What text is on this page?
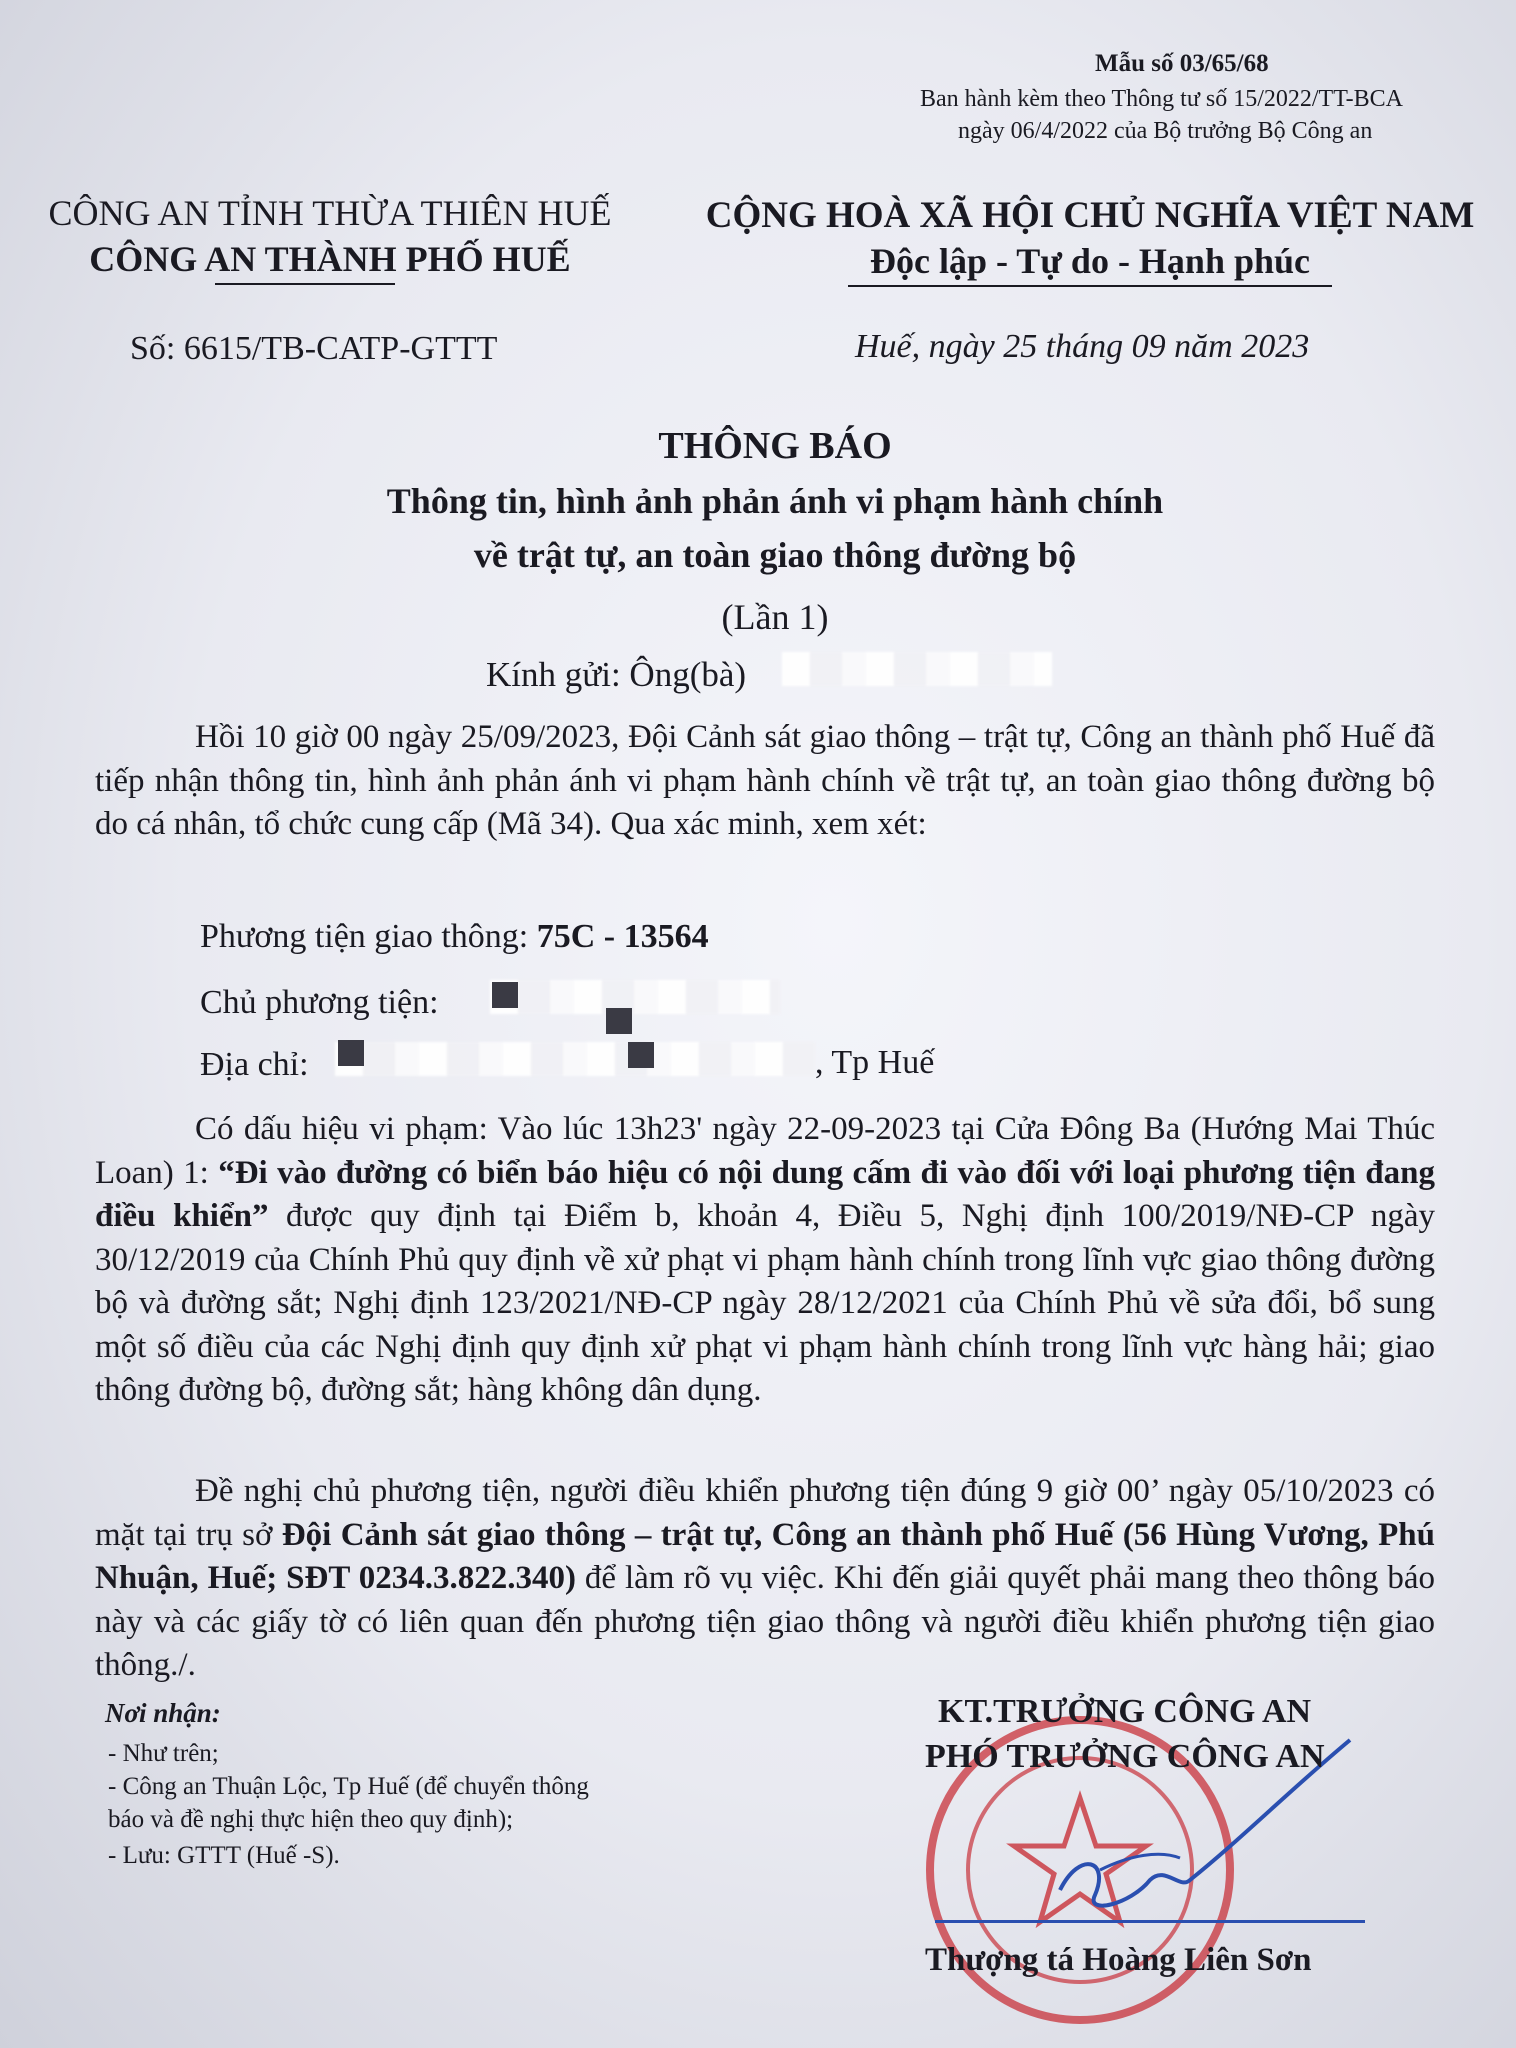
Mẫu số 03/65/68
Ban hành kèm theo Thông tư số 15/2022/TT-BCA
ngày 06/4/2022 của Bộ trưởng Bộ Công an
CÔNG AN TỈNH THỪA THIÊN HUẾ
CÔNG AN THÀNH PHỐ HUẾ
Số: 6615/TB-CATP-GTTT
CỘNG HOÀ XÃ HỘI CHỦ NGHĨA VIỆT NAM
Độc lập - Tự do - Hạnh phúc
Huế, ngày 25 tháng 09 năm 2023
THÔNG BÁO
Thông tin, hình ảnh phản ánh vi phạm hành chính
về trật tự, an toàn giao thông đường bộ
(Lần 1)
Kính gửi: Ông(bà)

Hồi 10 giờ 00 ngày 25/09/2023, Đội Cảnh sát giao thông – trật tự, Công an thành phố Huế đã tiếp nhận thông tin, hình ảnh phản ánh vi phạm hành chính về trật tự, an toàn giao thông đường bộ do cá nhân, tổ chức cung cấp (Mã 34). Qua xác minh, xem xét:

Phương tiện giao thông: 75C - 13564
Chủ phương tiện:
Địa chỉ:	, Tp Huế

Có dấu hiệu vi phạm: Vào lúc 13h23' ngày 22-09-2023 tại Cửa Đông Ba (Hướng Mai Thúc Loan) 1: “Đi vào đường có biển báo hiệu có nội dung cấm đi vào đối với loại phương tiện đang điều khiển” được quy định tại Điểm b, khoản 4, Điều 5, Nghị định 100/2019/NĐ-CP ngày 30/12/2019 của Chính Phủ quy định về xử phạt vi phạm hành chính trong lĩnh vực giao thông đường bộ và đường sắt; Nghị định 123/2021/NĐ-CP ngày 28/12/2021 của Chính Phủ về sửa đổi, bổ sung một số điều của các Nghị định quy định xử phạt vi phạm hành chính trong lĩnh vực hàng hải; giao thông đường bộ, đường sắt; hàng không dân dụng.

Đề nghị chủ phương tiện, người điều khiển phương tiện đúng 9 giờ 00’ ngày 05/10/2023 có mặt tại trụ sở Đội Cảnh sát giao thông – trật tự, Công an thành phố Huế (56 Hùng Vương, Phú Nhuận, Huế; SĐT 0234.3.822.340) để làm rõ vụ việc. Khi đến giải quyết phải mang theo thông báo này và các giấy tờ có liên quan đến phương tiện giao thông và người điều khiển phương tiện giao thông./.

Nơi nhận:
- Như trên;
- Công an Thuận Lộc, Tp Huế (để chuyển thông
báo và đề nghị thực hiện theo quy định);
- Lưu: GTTT (Huế -S).
KT.TRƯỞNG CÔNG AN
PHÓ TRƯỞNG CÔNG AN
Thượng tá Hoàng Liên Sơn
